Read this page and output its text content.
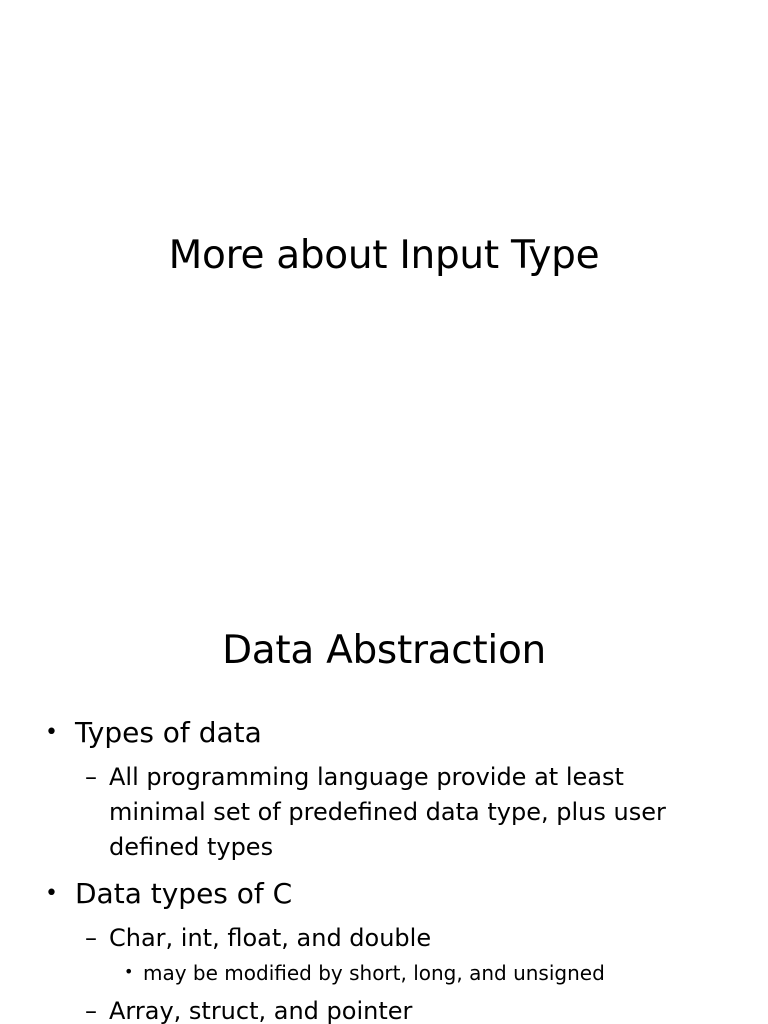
More about Input Type
Data Abstraction

• Types of data

– All programming language provide at least minimal set of predefined data type, plus user defined types

• Data types of C

– Char, int, float, and double

• may be modified by short, long, and unsigned

– Array, struct, and pointer
